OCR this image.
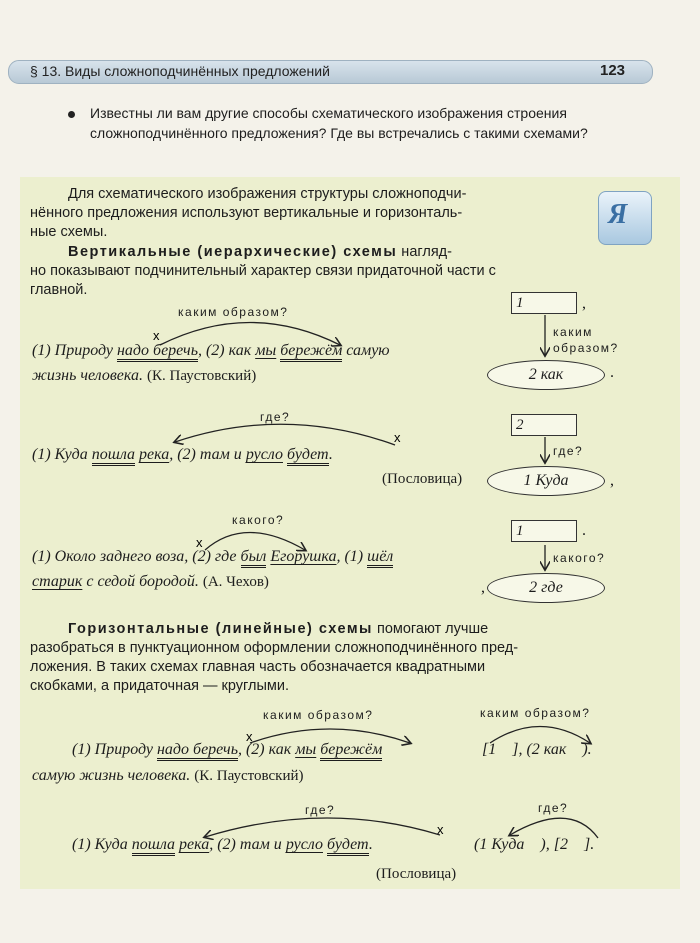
§ 13. Виды сложноподчинённых предложений	123
Известны ли вам другие способы схематического изображения строения сложноподчинённого предложения? Где вы встречались с такими схемами?
Я
Для схематического изображения структуры сложноподчи-
нённого предложения используют вертикальные и горизонталь-
ные схемы.
Вертикальные (иерархические) схемы нагляд-
но показывают подчинительный характер связи придаточной части с
главной.
x
x
x
x
x
каким образом?
(1) Природу надо беречь, (2) как мы бережём самую
жизнь человека. (К. Паустовский)
1	,
каким
образом?
2 как	.
где?
(1) Куда пошла река, (2) там и русло будет.
(Пословица)
2
где?
1 Куда	,
какого?
(1) Около заднего воза, (2) где был Егорушка, (1) шёл
старик с седой бородой. (А. Чехов)
1	.
какого?
,	2 где
Горизонтальные (линейные) схемы помогают лучше
разобраться в пунктуационном оформлении сложноподчинённого пред-
ложения. В таких схемах главная часть обозначается квадратными
скобками, а придаточная — круглыми.
каким образом?	каким образом?
(1) Природу надо беречь, (2) как мы бережём	[1    ], (2 как    ).
самую жизнь человека. (К. Паустовский)
где?	где?
(1) Куда пошла река, (2) там и русло будет.	(1 Куда    ), [2    ].
(Пословица)
